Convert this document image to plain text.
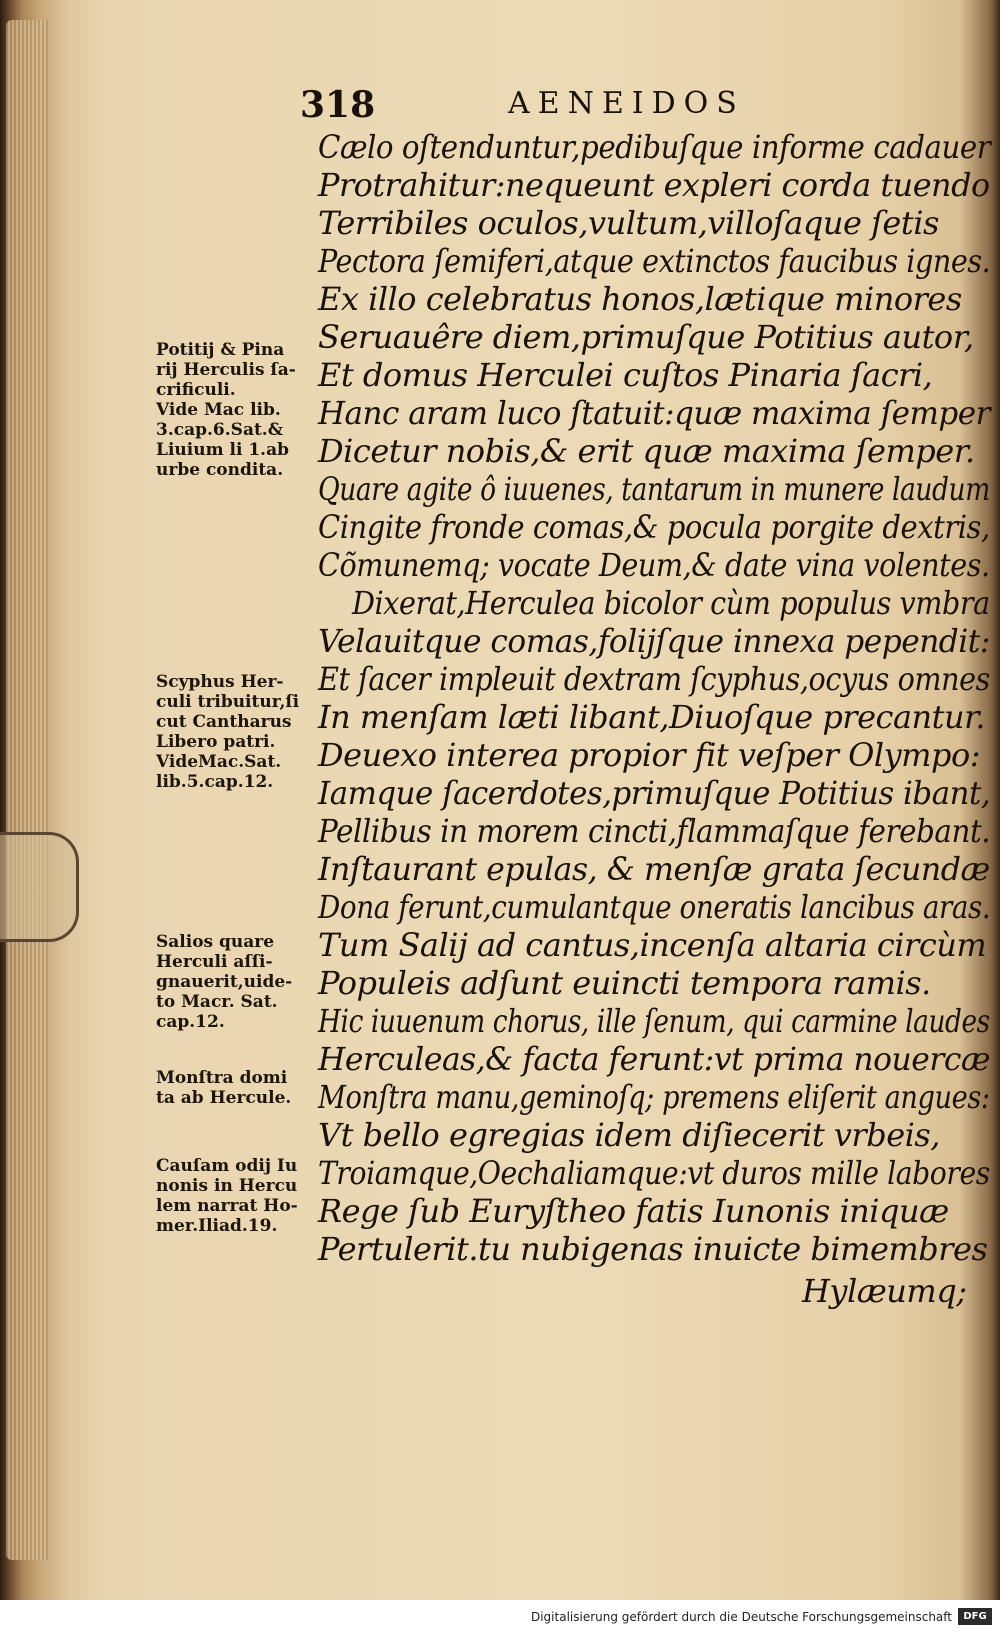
318	AENEIDOS
Potitij & Pina
rij Herculis ſa-
crificuli.
Vide Mac lib.
3.cap.6.Sat.&
Liuium li 1.ab
urbe condita.
Scyphus Her-
culi tribuitur,ſi
cut Cantharus
Libero patri.
VideMac.Sat.
lib.5.cap.12.
Salios quare
Herculi aſſi-
gnauerit,uide-
to Macr. Sat.
cap.12.
Monſtra domi
ta ab Hercule.
Cauſam odij Iu
nonis in Hercu
lem narrat Ho-
mer.Iliad.19.
Cælo oſtenduntur,pedibuſque informe cadauer
Protrahitur:nequeunt expleri corda tuendo
Terribiles oculos,vultum,villoſaque ſetis
Pectora ſemiferi,atque extinctos faucibus ignes.
Ex illo celebratus honos,lætique minores
Seruauêre diem,primuſque Potitius autor,
Et domus Herculei cuſtos Pinaria ſacri,
Hanc aram luco ſtatuit:quæ maxima ſemper
Dicetur nobis,& erit quæ maxima ſemper.
Quare agite ô iuuenes, tantarum in munere laudum
Cingite fronde comas,& pocula porgite dextris,
Cõmunemq; vocate Deum,& date vina volentes.
Dixerat,Herculea bicolor cùm populus vmbra
Velauitque comas,folijſque innexa pependit:
Et ſacer impleuit dextram ſcyphus,ocyus omnes
In menſam læti libant,Diuoſque precantur.
Deuexo interea propior fit veſper Olympo:
Iamque ſacerdotes,primuſque Potitius ibant,
Pellibus in morem cincti,flammaſque ferebant.
Inſtaurant epulas, & menſæ grata ſecundæ
Dona ferunt,cumulantque oneratis lancibus aras.
Tum Salij ad cantus,incenſa altaria circùm
Populeis adſunt euincti tempora ramis.
Hic iuuenum chorus, ille ſenum, qui carmine laudes
Herculeas,& facta ferunt:vt prima nouercæ
Monſtra manu,geminoſq; premens eliſerit angues:
Vt bello egregias idem diſiecerit vrbeis,
Troiamque,Oechaliamque:vt duros mille labores
Rege ſub Euryſtheo fatis Iunonis iniquæ
Pertulerit.tu nubigenas inuicte bimembres
Hylæumq;
Digitalisierung gefördert durch die Deutsche Forschungsgemeinschaft	DFG
